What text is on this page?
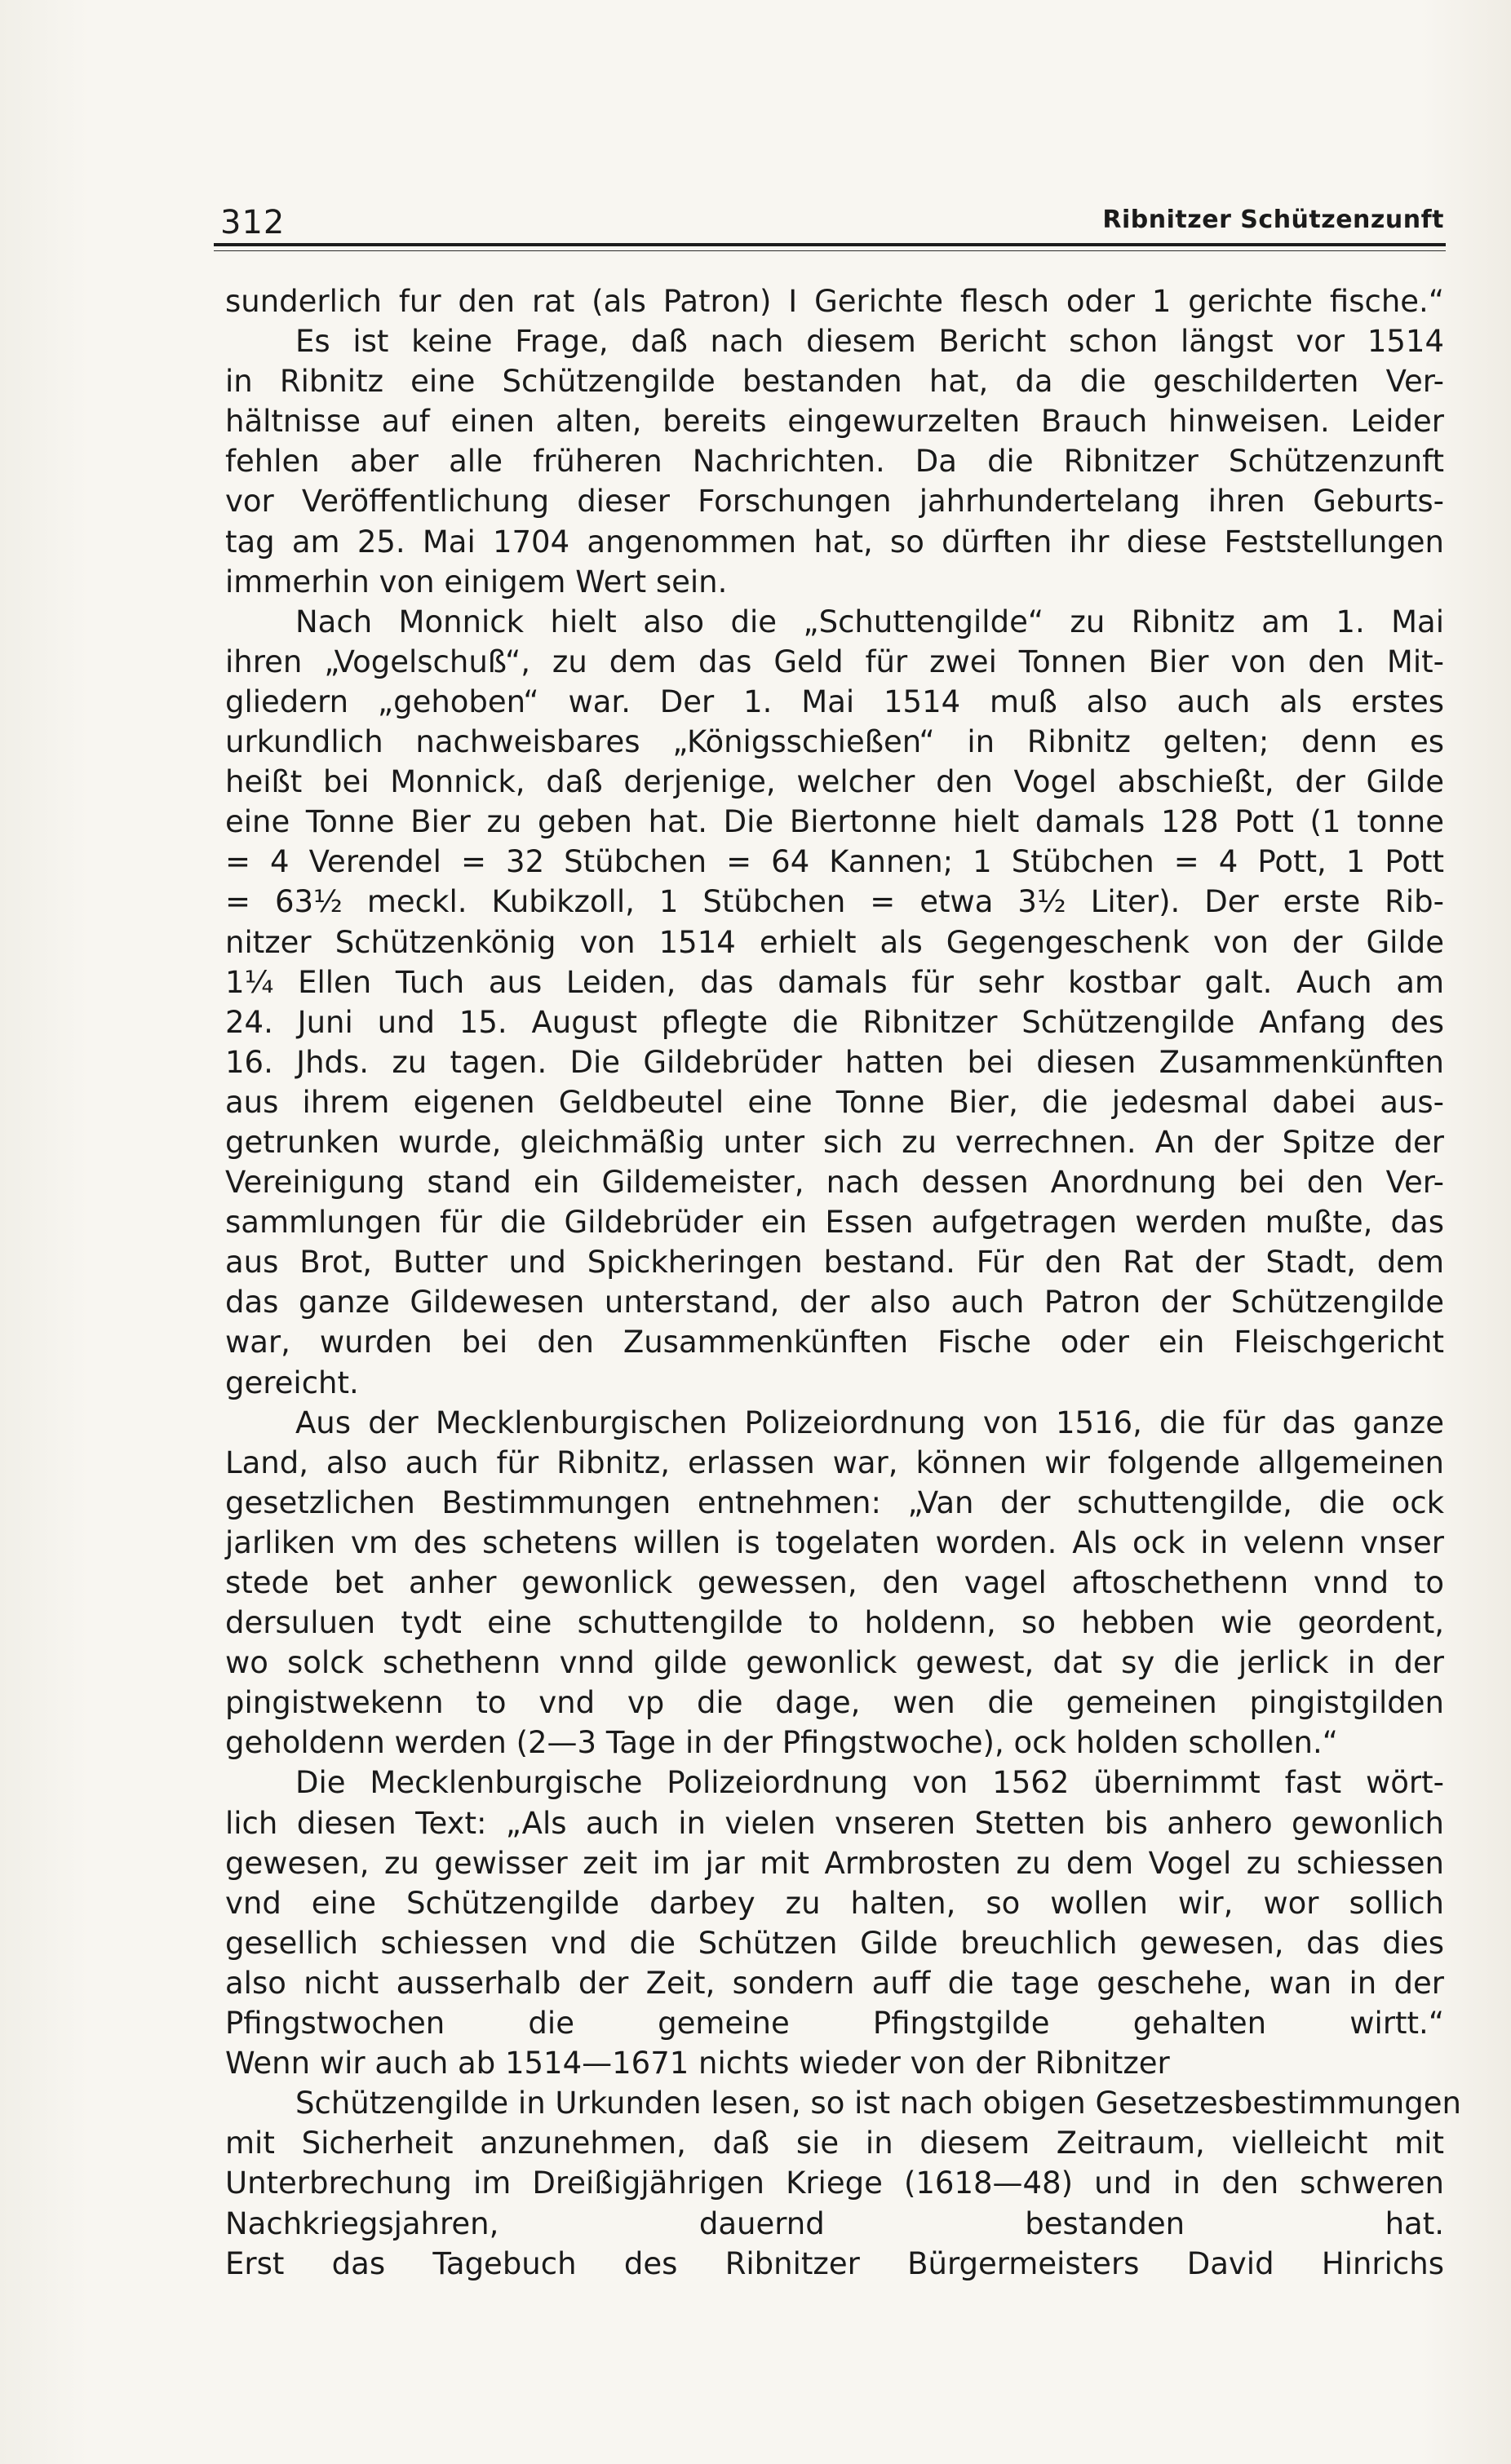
312	Ribnitzer Schützenzunft
sunderlich fur den rat (als Patron) I Gerichte flesch oder 1 gerichte fische.“
Es ist keine Frage, daß nach diesem Bericht schon längst vor 1514
in Ribnitz eine Schützengilde bestanden hat, da die geschilderten Ver-
hältnisse auf einen alten, bereits eingewurzelten Brauch hinweisen. Leider
fehlen aber alle früheren Nachrichten. Da die Ribnitzer Schützenzunft
vor Veröffentlichung dieser Forschungen jahrhundertelang ihren Geburts-
tag am 25. Mai 1704 angenommen hat, so dürften ihr diese Feststellungen
immerhin von einigem Wert sein.
Nach Monnick hielt also die „Schuttengilde“ zu Ribnitz am 1. Mai
ihren „Vogelschuß“, zu dem das Geld für zwei Tonnen Bier von den Mit-
gliedern „gehoben“ war. Der 1. Mai 1514 muß also auch als erstes
urkundlich nachweisbares „Königsschießen“ in Ribnitz gelten; denn es
heißt bei Monnick, daß derjenige, welcher den Vogel abschießt, der Gilde
eine Tonne Bier zu geben hat. Die Biertonne hielt damals 128 Pott (1 tonne
= 4 Verendel = 32 Stübchen = 64 Kannen; 1 Stübchen = 4 Pott, 1 Pott
= 63½ meckl. Kubikzoll, 1 Stübchen = etwa 3½ Liter). Der erste Rib-
nitzer Schützenkönig von 1514 erhielt als Gegengeschenk von der Gilde
1¼ Ellen Tuch aus Leiden, das damals für sehr kostbar galt. Auch am
24. Juni und 15. August pflegte die Ribnitzer Schützengilde Anfang des
16. Jhds. zu tagen. Die Gildebrüder hatten bei diesen Zusammenkünften
aus ihrem eigenen Geldbeutel eine Tonne Bier, die jedesmal dabei aus-
getrunken wurde, gleichmäßig unter sich zu verrechnen. An der Spitze der
Vereinigung stand ein Gildemeister, nach dessen Anordnung bei den Ver-
sammlungen für die Gildebrüder ein Essen aufgetragen werden mußte, das
aus Brot, Butter und Spickheringen bestand. Für den Rat der Stadt, dem
das ganze Gildewesen unterstand, der also auch Patron der Schützengilde
war, wurden bei den Zusammenkünften Fische oder ein Fleischgericht
gereicht.
Aus der Mecklenburgischen Polizeiordnung von 1516, die für das ganze
Land, also auch für Ribnitz, erlassen war, können wir folgende allgemeinen
gesetzlichen Bestimmungen entnehmen: „Van der schuttengilde, die ock
jarliken vm des schetens willen is togelaten worden. Als ock in velenn vnser
stede bet anher gewonlick gewessen, den vagel aftoschethenn vnnd to
dersuluen tydt eine schuttengilde to holdenn, so hebben wie geordent,
wo solck schethenn vnnd gilde gewonlick gewest, dat sy die jerlick in der
pingistwekenn to vnd vp die dage, wen die gemeinen pingistgilden
geholdenn werden (2—3 Tage in der Pfingstwoche), ock holden schollen.“
Die Mecklenburgische Polizeiordnung von 1562 übernimmt fast wört-
lich diesen Text: „Als auch in vielen vnseren Stetten bis anhero gewonlich
gewesen, zu gewisser zeit im jar mit Armbrosten zu dem Vogel zu schiessen
vnd eine Schützengilde darbey zu halten, so wollen wir, wor sollich
gesellich schiessen vnd die Schützen Gilde breuchlich gewesen, das dies
also nicht ausserhalb der Zeit, sondern auff die tage geschehe, wan in der
Pfingstwochen die gemeine Pfingstgilde gehalten wirtt.“
Wenn wir auch ab 1514—1671 nichts wieder von der Ribnitzer
Schützengilde in Urkunden lesen, so ist nach obigen Gesetzesbestimmungen
mit Sicherheit anzunehmen, daß sie in diesem Zeitraum, vielleicht mit
Unterbrechung im Dreißigjährigen Kriege (1618—48) und in den schweren
Nachkriegsjahren, dauernd bestanden hat.
Erst das Tagebuch des Ribnitzer Bürgermeisters David Hinrichs
